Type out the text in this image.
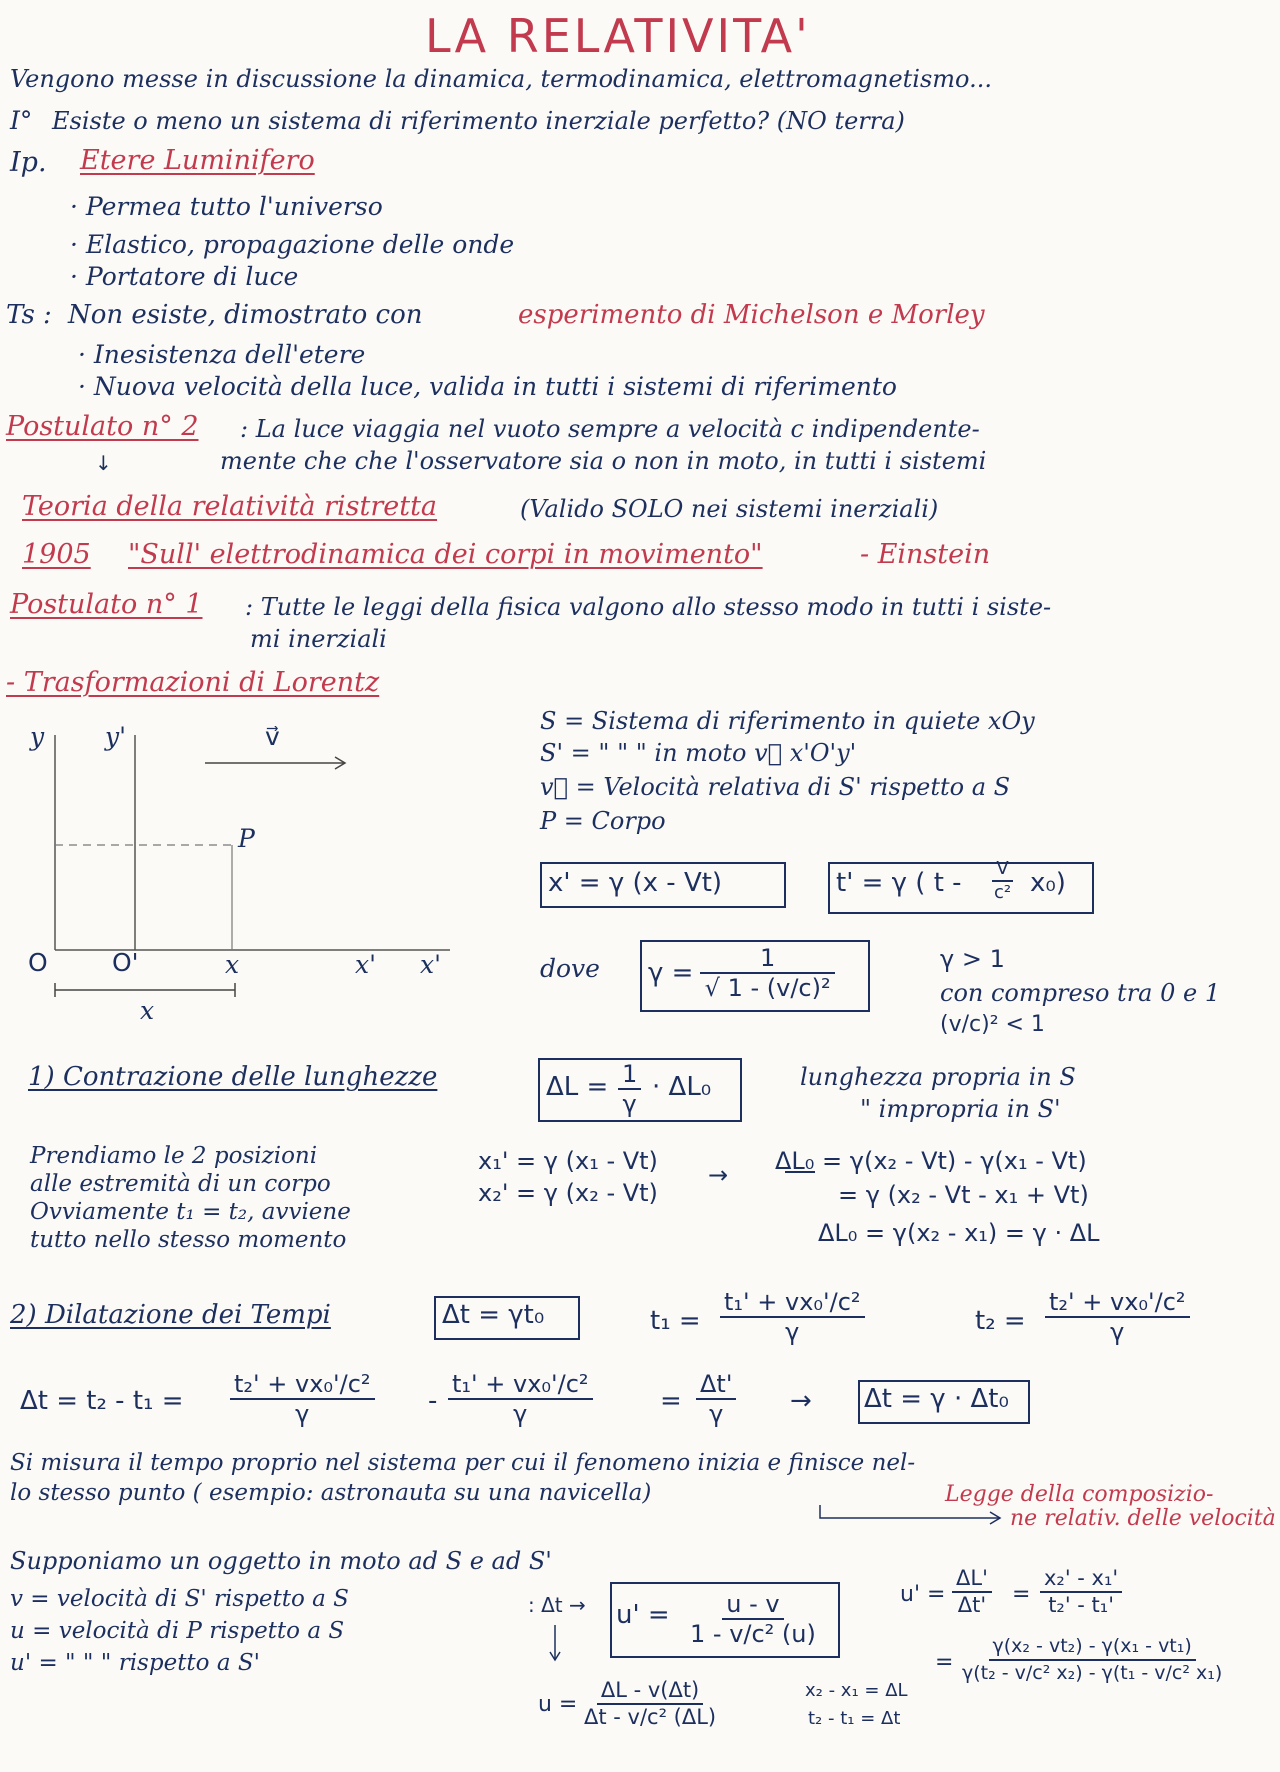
LA RELATIVITA'
Vengono messe in discussione la dinamica, termodinamica, elettromagnetismo...
I° Esiste o meno un sistema di riferimento inerziale perfetto? (NO terra)
Ip. Etere Luminifero
· Permea tutto l'universo
· Elastico, propagazione delle onde
· Portatore di luce
Ts : Non esiste, dimostrato con	esperimento di Michelson e Morley
· Inesistenza dell'etere
· Nuova velocità della luce, valida in tutti i sistemi di riferimento
Postulato n° 2 : La luce viaggia nel vuoto sempre a velocità c indipendente-
mente che che l'osservatore sia o non in moto, in tutti i sistemi
↓
Teoria della relatività ristretta	(Valido SOLO nei sistemi inerziali)
1905 "Sull' elettrodinamica dei corpi in movimento"	- Einstein
Postulato n° 1 : Tutte le leggi della fisica valgono allo stesso modo in tutti i siste-
mi inerziali
- Trasformazioni di Lorentz
y y'	v⃗
P
O	O'	x	x' x'
x
S = Sistema di riferimento in quiete xOy
S' = " " " in moto v⃗ x'O'y'
v⃗ = Velocità relativa di S' rispetto a S
P = Corpo
x' = γ (x - Vt)	t' = γ ( t - $\frac{V}{\text{c²}} x_0$)
dove $\gamma = \frac{1}{\text{√ 1 - (v/c)²}}$	γ > 1
con compreso tra 0 e 1
(v/c)² < 1
1) Contrazione delle lunghezze	$\Delta L = \frac{1}{\gamma} \cdot \Delta L_0$	lunghezza propria in S
" impropria in S'
Prendiamo le 2 posizioni
alle estremità di un corpo
Ovviamente t₁ = t₂, avviene
tutto nello stesso momento
x₁' = γ (x₁ - Vt)
x₂' = γ (x₂ - Vt)
→ ΔL₀ = γ(x₂ - Vt) - γ(x₁ - Vt)
= γ (x₂ - Vt - x₁ + Vt)
ΔL₀ = γ(x₂ - x₁) = γ · ΔL
2) Dilatazione dei Tempi	Δt = γt₀	$t_1 = \frac{\text{t₁' + vx₀'/c²}}{\gamma}$	$t_2 = \frac{\text{t₂' + vx₀'/c²}}{\gamma}$
$\Delta t = t_2 - t_1 = \frac{\text{t₂' + vx₀'/c²}}{\gamma} - \frac{\text{t₁' + vx₀'/c²}}{\gamma}$	= $\frac{\Delta t'}{\gamma} \to \Delta t = \gamma \cdot \Delta t_0$
Si misura il tempo proprio nel sistema per cui il fenomeno inizia e finisce nel-
lo stesso punto ( esempio: astronauta su una navicella)	Legge della composizio-
ne relativ. delle velocità
Supponiamo un oggetto in moto ad S e ad S'
v = velocità di S' rispetto a S
u = velocità di P rispetto a S
u' = " " " rispetto a S'
: $\Delta t \to u' = \frac{u - v}{\text{1 - v/c² (u)}}$
$u = \frac{\Delta L - v(\Delta t)}{\text{Δt - v/c² (ΔL)}}$	x₂ - x₁ = ΔL
t₂ - t₁ = Δt
$u' = \frac{\Delta L'}{\Delta t'} = \frac{\text{x₂' - x₁'}}{\text{t₂' - t₁'}}$
= $\frac{\text{γ(x₂ - vt₂) - γ(x₁ - vt₁)}}{\text{γ(t₂ - v/c² x₂) - γ(t₁ - v/c² x₁)}}$
